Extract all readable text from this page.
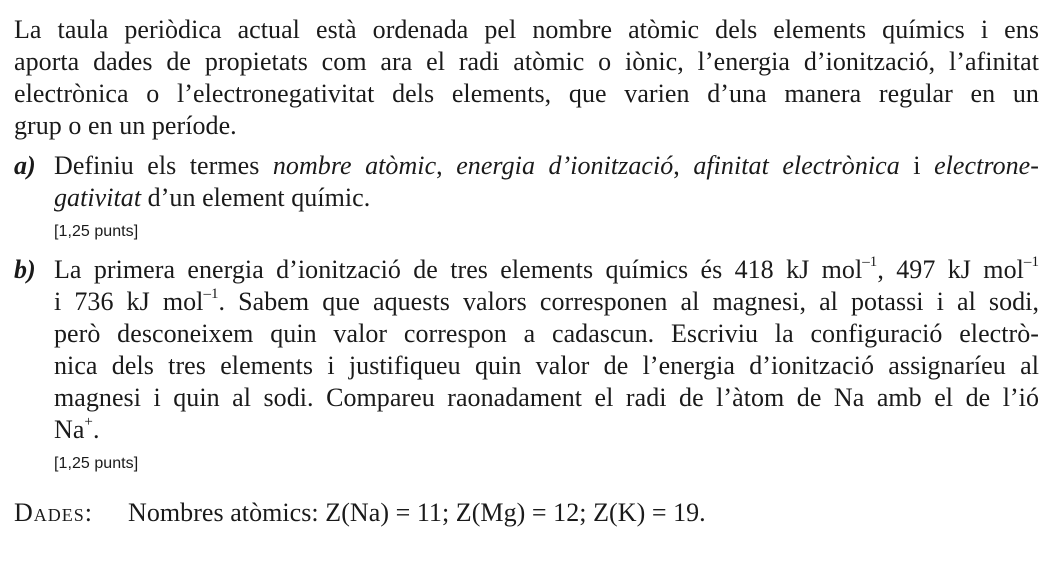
La taula periòdica actual està ordenada pel nombre atòmic dels elements químics i ens
aporta dades de propietats com ara el radi atòmic o iònic, l’energia d’ionització, l’afinitat
electrònica o l’electronegativitat dels elements, que varien d’una manera regular en un
grup o en un període.
a) Definiu els termes nombre atòmic, energia d’ionització, afinitat electrònica i electrone-
gativitat d’un element químic.
[1,25 punts]
b) La primera energia d’ionització de tres elements químics és 418 kJ mol$^{-1}$, 497 kJ mol$^{-1}$
i 736 kJ mol$^{-1}$. Sabem que aquests valors corresponen al magnesi, al potassi i al sodi,
però desconeixem quin valor correspon a cadascun. Escriviu la configuració electrò-
nica dels tres elements i justifiqueu quin valor de l’energia d’ionització assignaríeu al
magnesi i quin al sodi. Compareu raonadament el radi de l’àtom de Na amb el de l’ió
Na+.
[1,25 punts]
Dades: Nombres atòmics: Z(Na) = 11; Z(Mg) = 12; Z(K) = 19.
